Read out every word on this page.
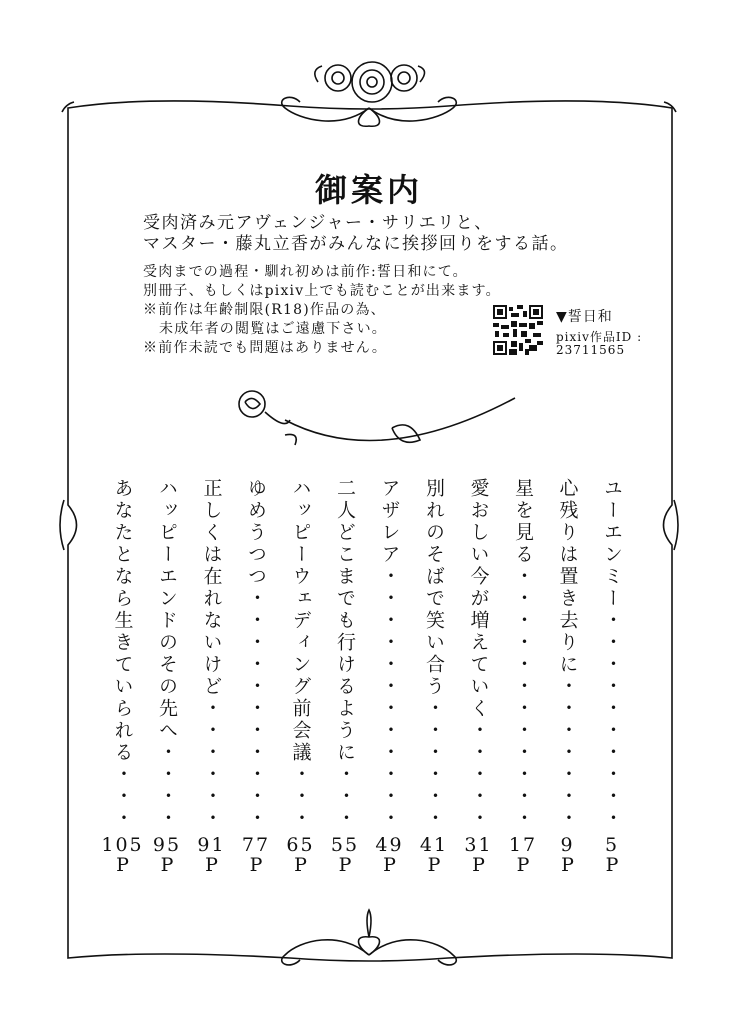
御案内
受肉済み元アヴェンジャー・サリエリと、
マスター・藤丸立香がみんなに挨拶回りをする話。
受肉までの過程・馴れ初めは前作:誓日和にて。
別冊子、もしくはpixiv上でも読むことが出来ます。
※前作は年齢制限(R18)作品の為、
未成年者の閲覧はご遠慮下さい。
※前作未読でも問題はありません。
▼誓日和
pixiv作品ID :
23711565
ユーエンミー・・・・・・・・・・
5
P
心残りは置き去りに・・・・・・・
9
P
星を見る・・・・・・・・・・・・
17
P
愛おしい今が増えていく・・・・・
31
P
別れのそばで笑い合う・・・・・・
41
P
アザレア・・・・・・・・・・・・
49
P
二人どこまでも行けるように・・・
55
P
ハッピーウェディング前会議・・・
65
P
ゆめうつつ・・・・・・・・・・・
77
P
正しくは在れないけど・・・・・・
91
P
ハッピーエンドのその先へ・・・・
95
P
あなたとなら生きていられる・・・
105
P
